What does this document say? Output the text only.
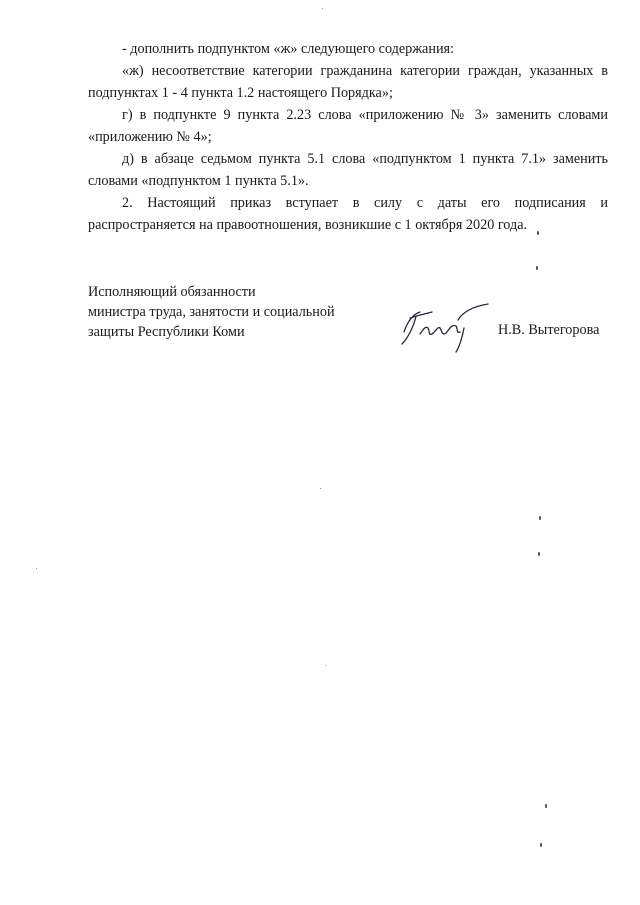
- дополнить подпунктом «ж» следующего содержания:

«ж) несоответствие категории гражданина категории граждан, указанных в подпунктах 1 - 4 пункта 1.2 настоящего Порядка»;

г) в подпункте 9 пункта 2.23 слова «приложению № 3» заменить словами «приложению № 4»;

д) в абзаце седьмом пункта 5.1 слова «подпунктом 1 пункта 7.1» заменить словами «подпунктом 1 пункта 5.1».

2. Настоящий приказ вступает в силу с даты его подписания и распространяется на правоотношения, возникшие с 1 октября 2020 года.

Исполняющий обязанности
министра труда, занятости и социальной
защиты Республики Коми	Н.В. Вытегорова
